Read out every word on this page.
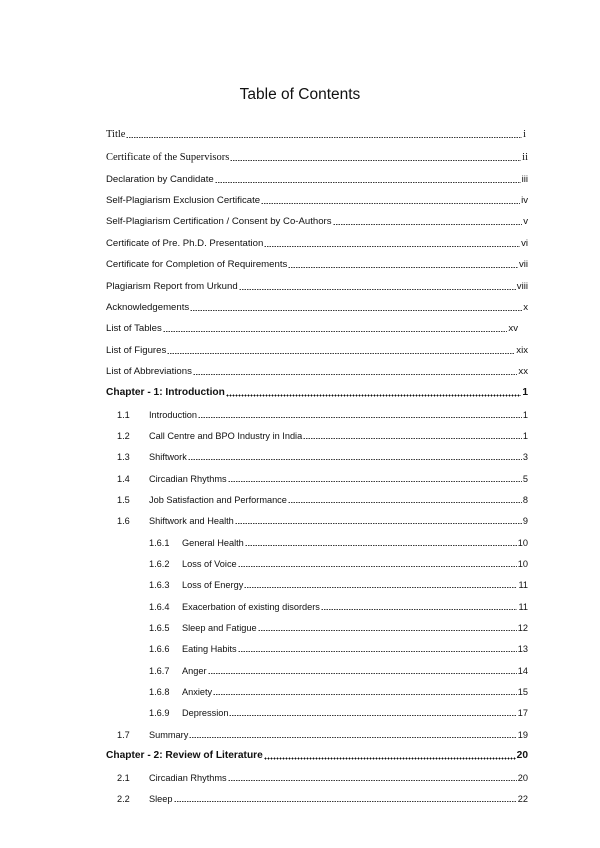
Table of Contents
Title	i
Certificate of the Supervisors	ii
Declaration by Candidate	iii
Self-Plagiarism Exclusion Certificate	iv
Self-Plagiarism Certification / Consent by Co-Authors	v
Certificate of Pre. Ph.D. Presentation	vi
Certificate for Completion of Requirements	vii
Plagiarism Report from Urkund	viii
Acknowledgements	x
List of Tables	xv
List of Figures	xix
List of Abbreviations	xx
Chapter - 1: Introduction	1
1.1	Introduction	1
1.2	Call Centre and BPO Industry in India	1
1.3	Shiftwork	3
1.4	Circadian Rhythms	5
1.5	Job Satisfaction and Performance	8
1.6	Shiftwork and Health	9
1.6.1	General Health	10
1.6.2	Loss of Voice	10
1.6.3	Loss of Energy	11
1.6.4	Exacerbation of existing disorders	11
1.6.5	Sleep and Fatigue	12
1.6.6	Eating Habits	13
1.6.7	Anger	14
1.6.8	Anxiety	15
1.6.9	Depression	17
1.7	Summary	19
Chapter - 2: Review of Literature	20
2.1	Circadian Rhythms	20
2.2	Sleep	22
